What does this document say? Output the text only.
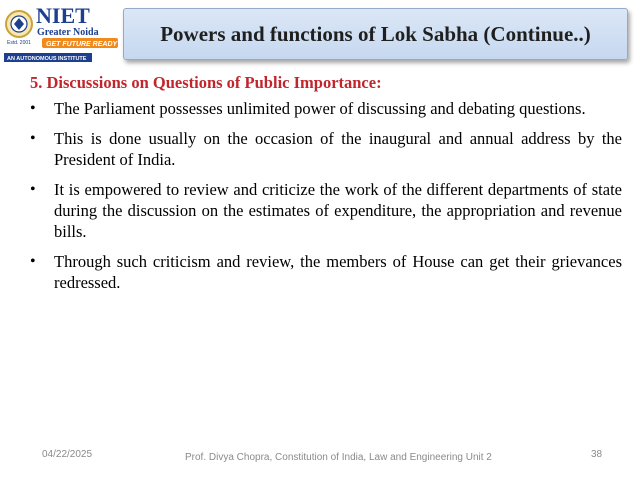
Estd. 2001
NIET
Greater Noida
GET FUTURE READY
AN AUTONOMOUS INSTITUTE
Powers and functions of Lok Sabha (Continue..)
5. Discussions on Questions of Public Importance:
• The Parliament possesses unlimited power of discussing and debating questions.
• This is done usually on the occasion of the inaugural and annual address by the President of India.
• It is empowered to review and criticize the work of the different departments of state during the discussion on the estimates of expenditure, the appropriation and revenue bills.
• Through such criticism and review, the members of House can get their grievances redressed.
04/22/2025	Prof. Divya Chopra, Constitution of India, Law and Engineering Unit 2	38
